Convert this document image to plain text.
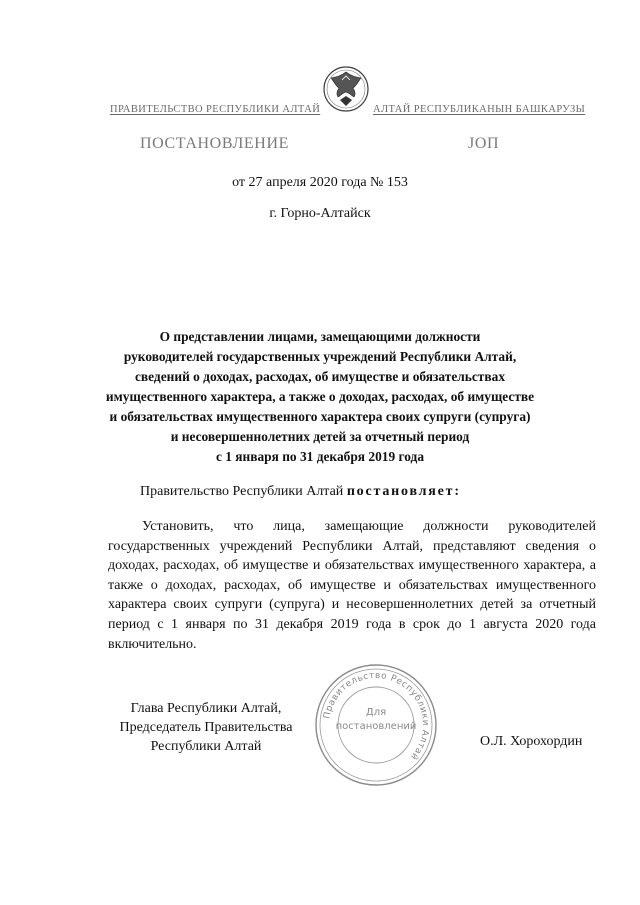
ПРАВИТЕЛЬСТВО РЕСПУБЛИКИ АЛТАЙ	АЛТАЙ РЕСПУБЛИКАНЫН БАШКАРУЗЫ
ПОСТАНОВЛЕНИЕ	ЈОП
от 27 апреля 2020 года № 153
г. Горно-Алтайск
О представлении лицами, замещающими должности
руководителей государственных учреждений Республики Алтай,
сведений о доходах, расходах, об имуществе и обязательствах
имущественного характера, а также о доходах, расходах, об имуществе
и обязательствах имущественного характера своих супруги (супруга)
и несовершеннолетних детей за отчетный период
с 1 января по 31 декабря 2019 года
Правительство Республики Алтай постановляет:
Установить, что лица, замещающие должности руководителей государственных учреждений Республики Алтай, представляют сведения о доходах, расходах, об имуществе и обязательствах имущественного характера, а также о доходах, расходах, об имуществе и обязательствах имущественного характера своих супруги (супруга) и несовершеннолетних детей за отчетный период с 1 января по 31 декабря 2019 года в срок до 1 августа 2020 года включительно.
Глава Республики Алтай,
Председатель Правительства
Республики Алтай
Правительство Республики Алтай
Для
постановлений
О.Л. Хорохордин
